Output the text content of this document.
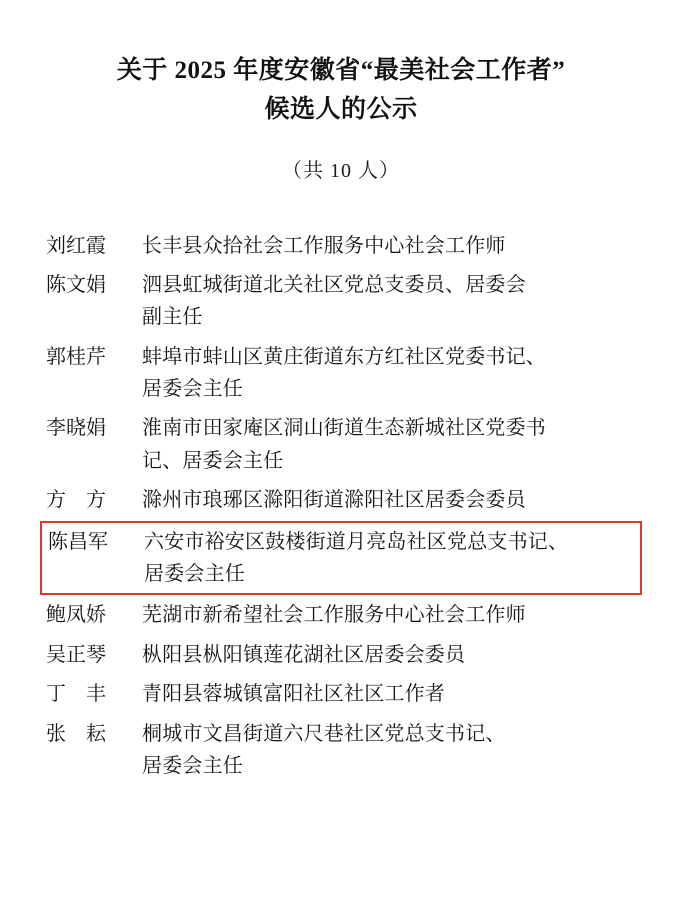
关于 2025 年度安徽省“最美社会工作者”
候选人的公示
（共 10 人）
刘红霞	长丰县众拾社会工作服务中心社会工作师
陈文娟	泗县虹城街道北关社区党总支委员、居委会
副主任
郭桂芹	蚌埠市蚌山区黄庄街道东方红社区党委书记、
居委会主任
李晓娟	淮南市田家庵区洞山街道生态新城社区党委书
记、居委会主任
方　方	滁州市琅琊区滁阳街道滁阳社区居委会委员
陈昌军	六安市裕安区鼓楼街道月亮岛社区党总支书记、
居委会主任
鲍凤娇	芜湖市新希望社会工作服务中心社会工作师
吴正琴	枞阳县枞阳镇莲花湖社区居委会委员
丁　丰	青阳县蓉城镇富阳社区社区工作者
张　耘	桐城市文昌街道六尺巷社区党总支书记、
居委会主任
